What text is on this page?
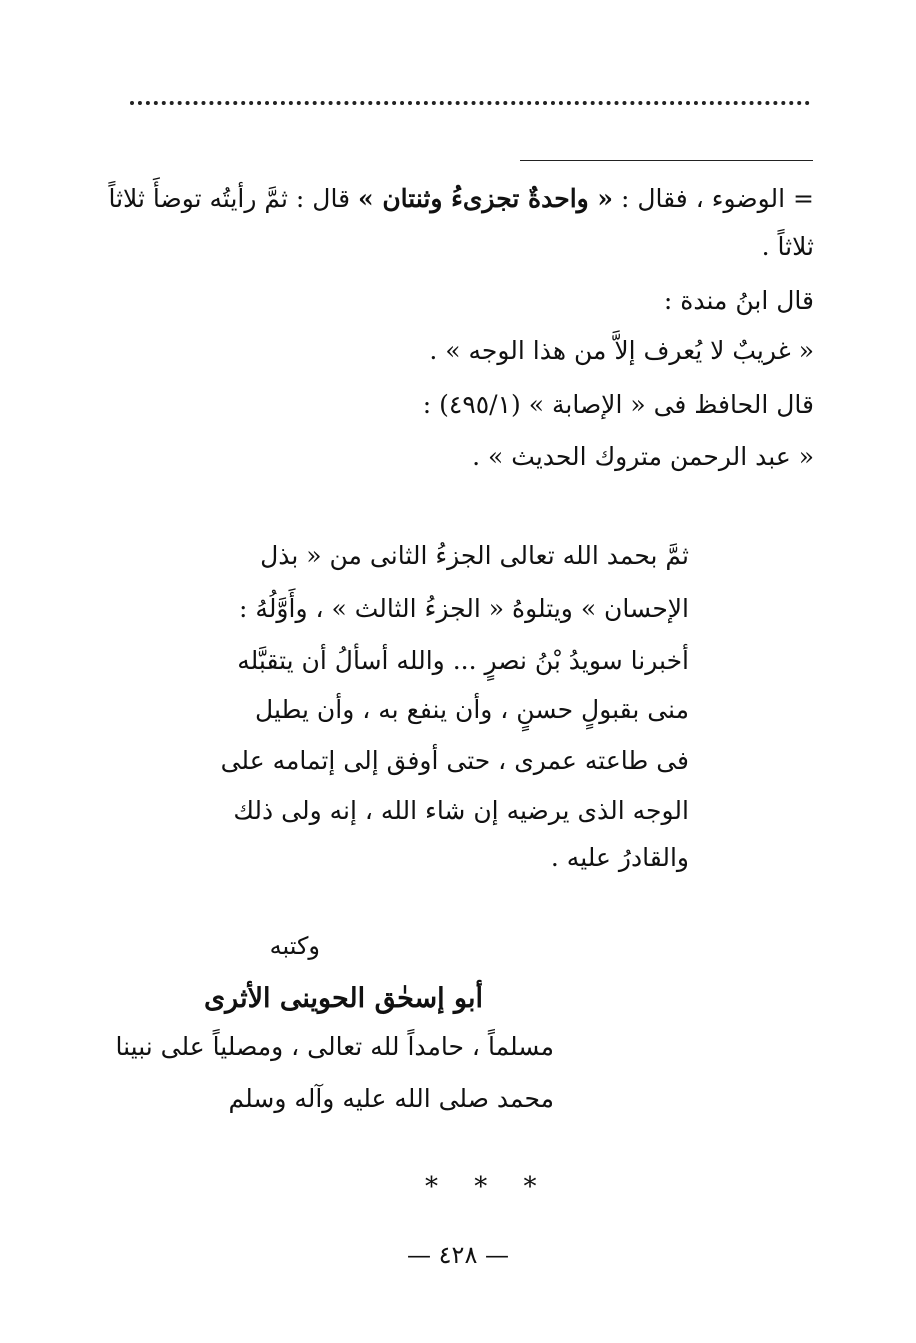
= الوضوء ، فقال : « واحدةٌ تجزىءُ وثنتان » قال : ثمَّ رأيتُه توضأَ ثلاثاً
ثلاثاً .
قال ابنُ مندة :
« غريبٌ لا يُعرف إلاَّ من هذا الوجه » .
قال الحافظ فى « الإصابة » (٤٩٥/١) :
« عبد الرحمن متروك الحديث » .
ثمَّ بحمد الله تعالى الجزءُ الثانى من « بذل
الإحسان » ويتلوهُ « الجزءُ الثالث » ، وأَوَّلُهُ :
أخبرنا سويدُ بْنُ نصرٍ ... والله أسألُ أن يتقبَّله
منى بقبولٍ حسنٍ ، وأن ينفع به ، وأن يطيل
فى طاعته عمرى ، حتى أوفق إلى إتمامه على
الوجه الذى يرضيه إن شاء الله ، إنه ولى ذلك
والقادرُ عليه .
وكتبه
أبو إسحٰق الحوينى الأثرى
مسلماً ، حامداً لله تعالى ، ومصلياً على نبينا
محمد صلى الله عليه وآله وسلم
* * *
— ٤٢٨ —
